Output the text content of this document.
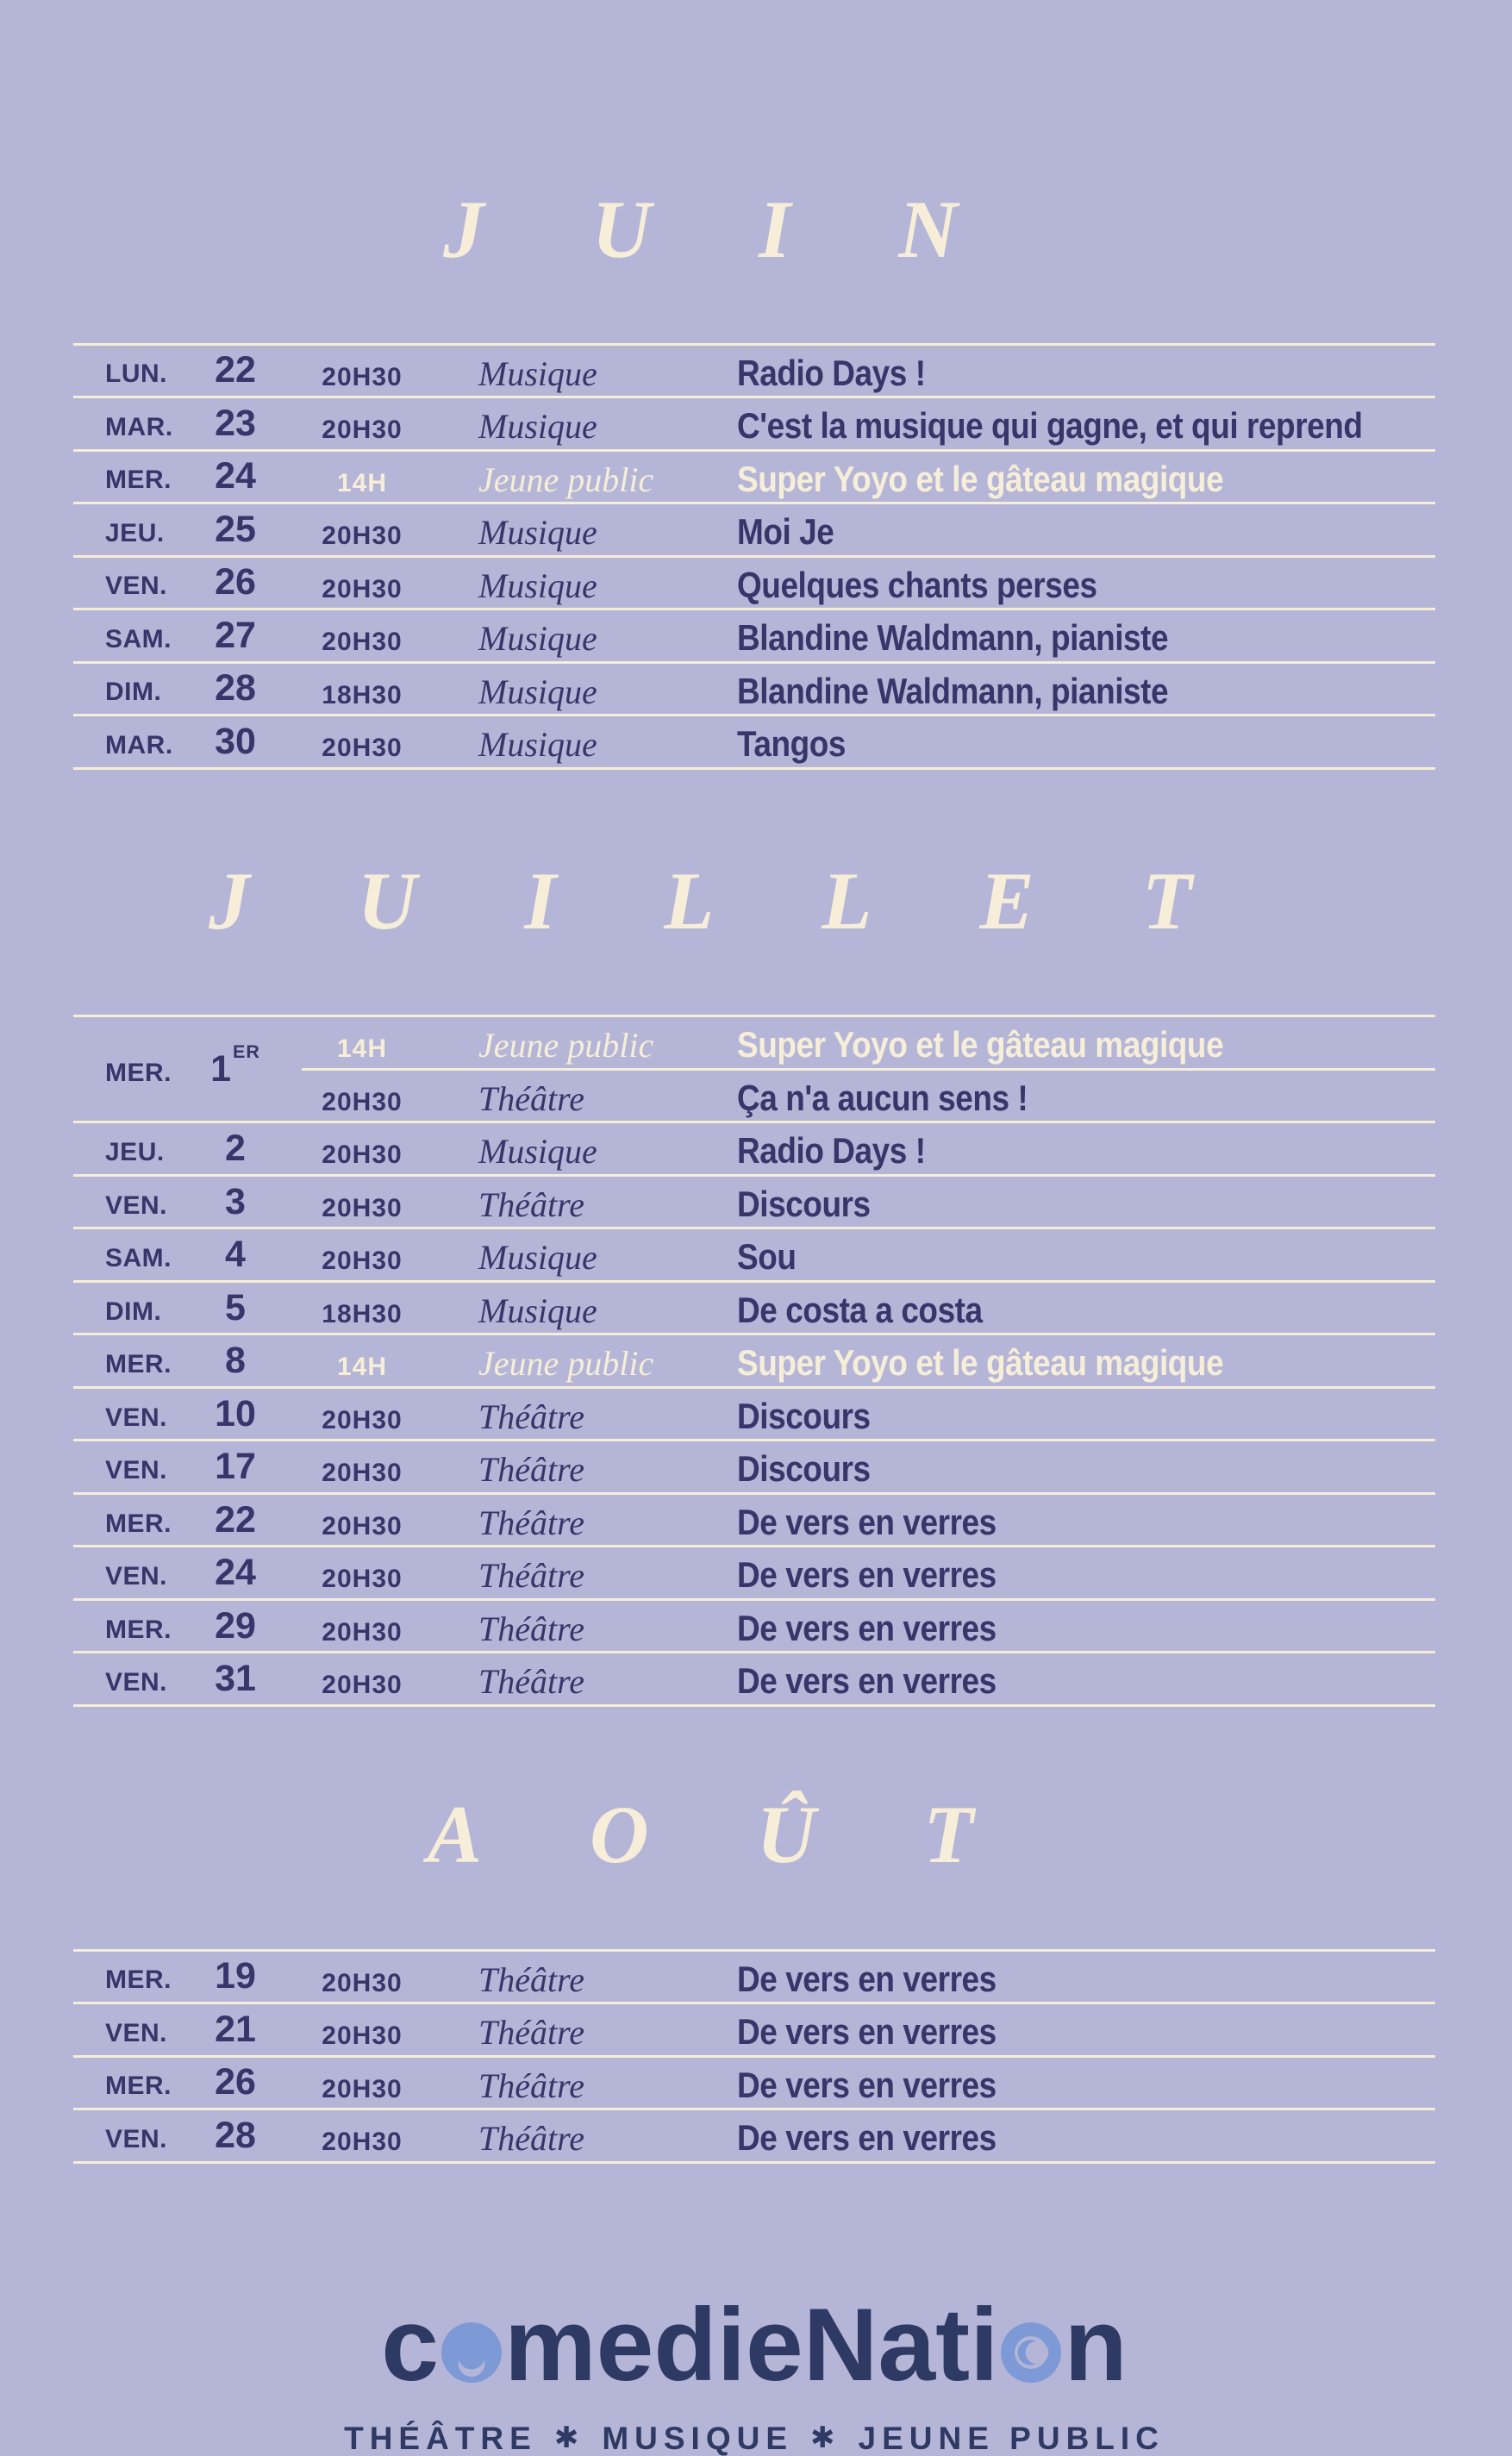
JUIN
LUN.	22	20H30	Musique	Radio Days !
MAR.	23	20H30	Musique	C'est la musique qui gagne, et qui reprend
MER.	24	14H	Jeune public	Super Yoyo et le gâteau magique
JEU.	25	20H30	Musique	Moi Je
VEN.	26	20H30	Musique	Quelques chants perses
SAM.	27	20H30	Musique	Blandine Waldmann, pianiste
DIM.	28	18H30	Musique	Blandine Waldmann, pianiste
MAR.	30	20H30	Musique	Tangos
JUILLET
MER.	1ER	14H	Jeune public	Super Yoyo et le gâteau magique
20H30	Théâtre	Ça n'a aucun sens !
JEU.	2	20H30	Musique	Radio Days !
VEN.	3	20H30	Théâtre	Discours
SAM.	4	20H30	Musique	Sou
DIM.	5	18H30	Musique	De costa a costa
MER.	8	14H	Jeune public	Super Yoyo et le gâteau magique
VEN.	10	20H30	Théâtre	Discours
VEN.	17	20H30	Théâtre	Discours
MER.	22	20H30	Théâtre	De vers en verres
VEN.	24	20H30	Théâtre	De vers en verres
MER.	29	20H30	Théâtre	De vers en verres
VEN.	31	20H30	Théâtre	De vers en verres
AOÛT
MER.	19	20H30	Théâtre	De vers en verres
VEN.	21	20H30	Théâtre	De vers en verres
MER.	26	20H30	Théâtre	De vers en verres
VEN.	28	20H30	Théâtre	De vers en verres
c medieNati n
THÉÂTRE ✱ MUSIQUE ✱ JEUNE PUBLIC
